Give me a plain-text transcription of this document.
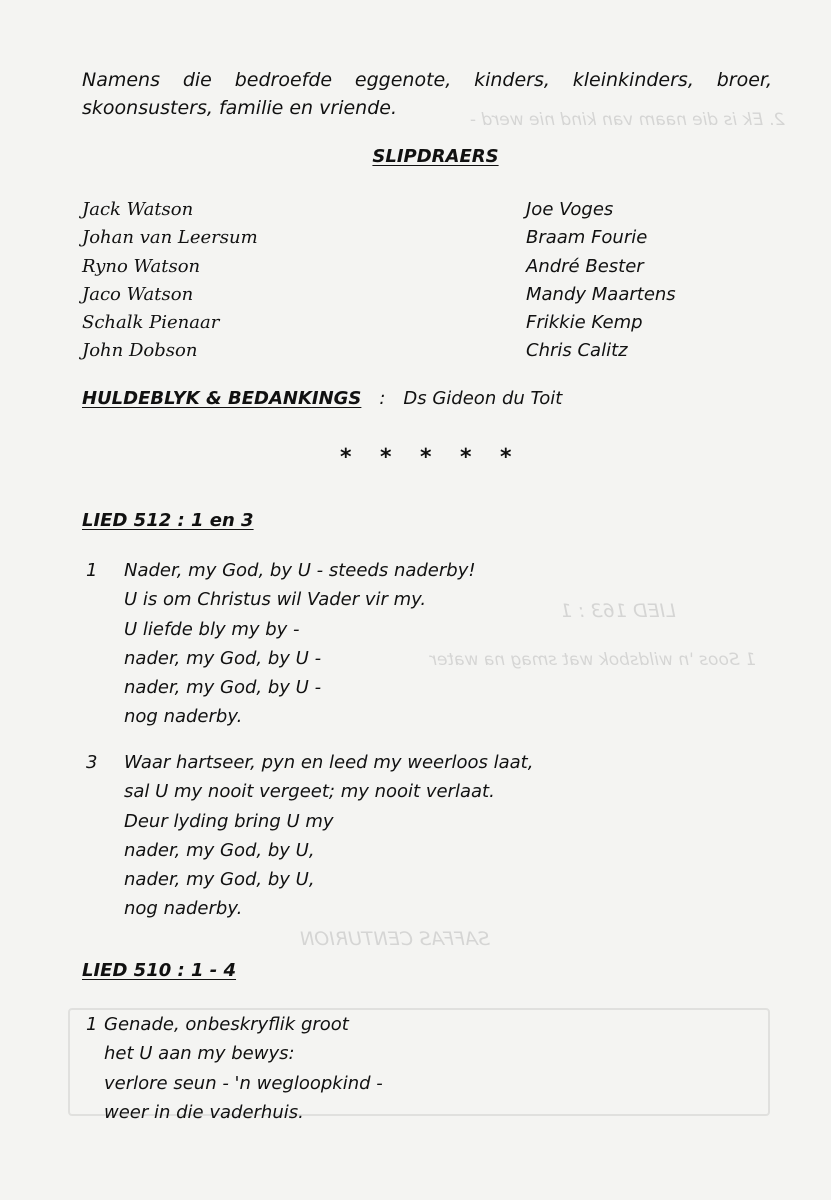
2. Ek is die naam van kind nie werd -
LIED 163 : 1
1 Soos 'n wildsbok wat smag na water
SAFFAS CENTURION

Namens die bedroefde eggenote, kinders, kleinkinders, broer, skoonsusters, familie en vriende.

SLIPDRAERS
Jack Watson
Johan van Leersum
Ryno Watson
Jaco Watson
Schalk Pienaar
John Dobson
Joe Voges
Braam Fourie
André Bester
Mandy Maartens
Frikkie Kemp
Chris Calitz
HULDEBLYK & BEDANKINGS : Ds Gideon du Toit
* * * * *
LIED 512 : 1 en 3
1	Nader, my God, by U - steeds naderby!
U is om Christus wil Vader vir my.
U liefde bly my by -
nader, my God, by U -
nader, my God, by U -
nog naderby.
3	Waar hartseer, pyn en leed my weerloos laat,
sal U my nooit vergeet; my nooit verlaat.
Deur lyding bring U my
nader, my God, by U,
nader, my God, by U,
nog naderby.
LIED 510 : 1 - 4
1 Genade, onbeskryflik groot
het U aan my bewys:
verlore seun - 'n wegloopkind -
weer in die vaderhuis.
